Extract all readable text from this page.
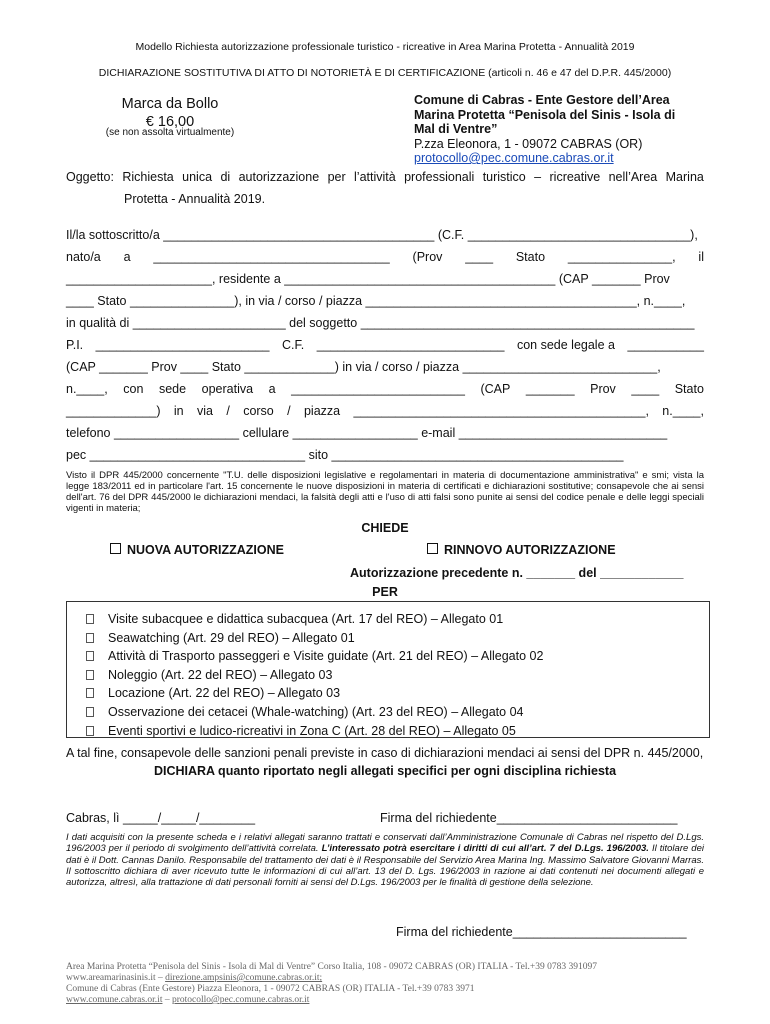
Modello Richiesta autorizzazione professionale turistico - ricreative in Area Marina Protetta - Annualità 2019
DICHIARAZIONE SOSTITUTIVA DI ATTO DI NOTORIETÀ E DI CERTIFICAZIONE (articoli n. 46 e 47 del D.P.R. 445/2000)
Marca da Bollo
€ 16,00
(se non assolta virtualmente)
Comune di Cabras - Ente Gestore dell’Area
Marina Protetta “Penisola del Sinis - Isola di
Mal di Ventre”
P.zza Eleonora, 1 - 09072 CABRAS (OR)
protocollo@pec.comune.cabras.or.it
Oggetto: Richiesta unica di autorizzazione per l’attività professionali turistico – ricreative nell’Area Marina
Protetta - Annualità 2019.
Il/la sottoscritto/a _______________________________________ (C.F. ________________________________),
nato/a a __________________________________ (Prov ____ Stato _______________, il
_____________________, residente a _______________________________________ (CAP _______ Prov
____ Stato _______________), in via / corso / piazza _______________________________________, n.____,
in qualità di ______________________ del soggetto ________________________________________________
P.I. _________________________ C.F. ___________________________ con sede legale a ___________
(CAP _______ Prov ____ Stato _____________) in via / corso / piazza ____________________________,
n.____, con sede operativa a _________________________ (CAP _______ Prov ____ Stato
_____________) in via / corso / piazza __________________________________________, n.____,
telefono __________________ cellulare __________________ e-mail ______________________________
pec _______________________________ sito __________________________________________
Visto il DPR 445/2000 concernente "T.U. delle disposizioni legislative e regolamentari in materia di documentazione amministrativa" e smi; vista la legge 183/2011 ed in particolare l'art. 15 concernente le nuove disposizioni in materia di certificati e dichiarazioni sostitutive; consapevole che ai sensi dell'art. 76 del DPR 445/2000 le dichiarazioni mendaci, la falsità degli atti e l'uso di atti falsi sono punite ai sensi del codice penale e delle leggi speciali vigenti in materia;
CHIEDE
NUOVA AUTORIZZAZIONE	RINNOVO AUTORIZZAZIONE
Autorizzazione precedente n. _______ del ____________
PER
Visite subacquee e didattica subacquea (Art. 17 del REO) – Allegato 01
Seawatching (Art. 29 del REO) – Allegato 01
Attività di Trasporto passeggeri e Visite guidate (Art. 21 del REO) – Allegato 02
Noleggio (Art. 22 del REO) – Allegato 03
Locazione (Art. 22 del REO) – Allegato 03
Osservazione dei cetacei (Whale-watching) (Art. 23 del REO) – Allegato 04
Eventi sportivi e ludico-ricreativi in Zona C (Art. 28 del REO) – Allegato 05
A tal fine, consapevole delle sanzioni penali previste in caso di dichiarazioni mendaci ai sensi del DPR n. 445/2000,
DICHIARA quanto riportato negli allegati specifici per ogni disciplina richiesta
Cabras, lì _____/_____/________	Firma del richiedente__________________________
I dati acquisiti con la presente scheda e i relativi allegati saranno trattati e conservati dall’Amministrazione Comunale di Cabras nel rispetto del D.Lgs. 196/2003 per il periodo di svolgimento dell’attività correlata. L’interessato potrà esercitare i diritti di cui all’art. 7 del D.Lgs. 196/2003. Il titolare dei dati è il Dott. Cannas Danilo. Responsabile del trattamento dei dati è il Responsabile del Servizio Area Marina Ing. Massimo Salvatore Giovanni Marras. Il sottoscritto dichiara di aver ricevuto tutte le informazioni di cui all’art. 13 del D. Lgs. 196/2003 in razione ai dati contenuti nei documenti allegati e autorizza, altresì, alla trattazione di dati personali forniti ai sensi del D.Lgs. 196/2003 per le finalità di gestione della selezione.
Firma del richiedente_________________________
Area Marina Protetta “Penisola del Sinis - Isola di Mal di Ventre” Corso Italia, 108 - 09072 CABRAS (OR) ITALIA - Tel.+39 0783 391097
www.areamarinasinis.it – direzione.ampsinis@comune.cabras.or.it;
Comune di Cabras (Ente Gestore) Piazza Eleonora, 1 - 09072 CABRAS (OR) ITALIA - Tel.+39 0783 3971
www.comune.cabras.or.it – protocollo@pec.comune.cabras.or.it
